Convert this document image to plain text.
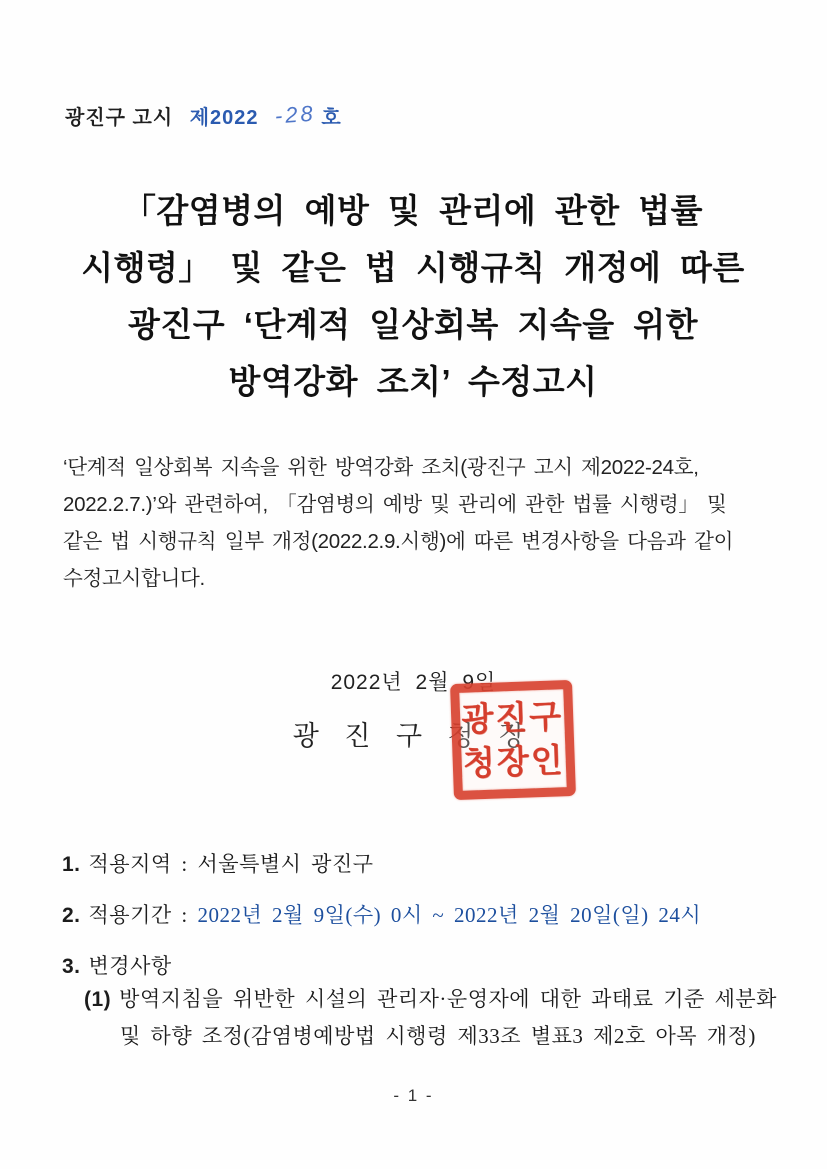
광진구 고시 제2022 -28 호
「감염병의 예방 및 관리에 관한 법률
시행령」 및 같은 법 시행규칙 개정에 따른
광진구 ‘단계적 일상회복 지속을 위한
방역강화 조치’ 수정고시
‘단계적 일상회복 지속을 위한 방역강화 조치(광진구 고시 제2022-24호,
2022.2.7.)’와 관련하여, 「감염병의 예방 및 관리에 관한 법률 시행령」 및
같은 법 시행규칙 일부 개정(2022.2.9.시행)에 따른 변경사항을 다음과 같이
수정고시합니다.
2022년 2월 9일
광 진 구 청 장
광진구
청장인
1. 적용지역 : 서울특별시 광진구
2. 적용기간 : 2022년 2월 9일(수) 0시 ~ 2022년 2월 20일(일) 24시
3. 변경사항
(1) 방역지침을 위반한 시설의 관리자·운영자에 대한 과태료 기준 세분화
및 하향 조정(감염병예방법 시행령 제33조 별표3 제2호 아목 개정)
- 1 -
